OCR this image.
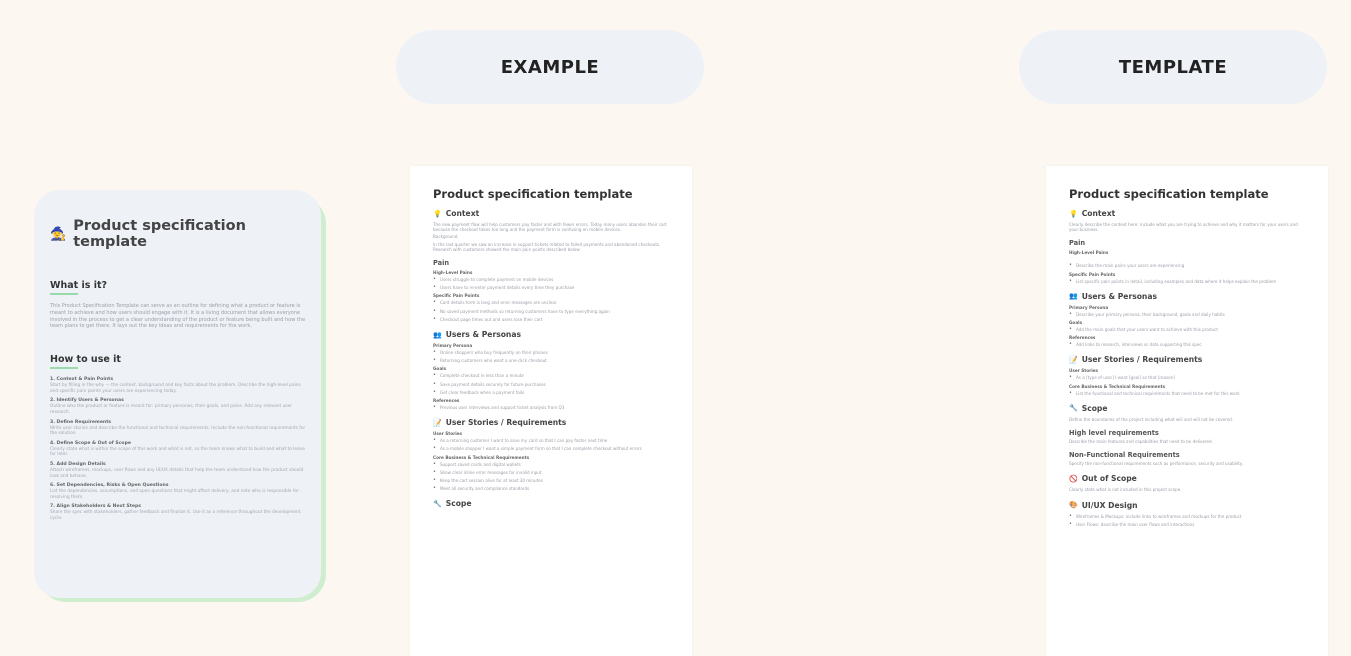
EXAMPLE	TEMPLATE
🧙 Product specification template
What is it?
This Product Specification Template can serve as an outline for defining what a product or feature is meant to achieve and how users should engage with it. It is a living document that allows everyone involved in the process to get a clear understanding of the product or feature being built and how the team plans to get there. It lays out the key ideas and requirements for the work.
How to use it
1. Context & Pain Points
Start by filling in the why — the context, background and key facts about the problem. Describe the high-level pains and specific pain points your users are experiencing today.
2. Identify Users & Personas
Outline who the product or feature is meant for: primary personas, their goals, and pains. Add any relevant user research.
3. Define Requirements
Write user stories and describe the functional and technical requirements. Include the non-functional requirements for the solution.
4. Define Scope & Out of Scope
Clearly state what is within the scope of this work and what is not, so the team knows what to build and what to leave for later.
5. Add Design Details
Attach wireframes, mockups, user flows and any UI/UX details that help the team understand how the product should look and behave.
6. Set Dependencies, Risks & Open Questions
List the dependencies, assumptions, and open questions that might affect delivery, and note who is responsible for resolving them.
7. Align Stakeholders & Next Steps
Share the spec with stakeholders, gather feedback and finalize it. Use it as a reference throughout the development cycle.
Product specification template
💡 Context
The new payment flow will help customers pay faster and with fewer errors. Today many users abandon their cart because the checkout takes too long and the payment form is confusing on mobile devices.
Background
In the last quarter we saw an increase in support tickets related to failed payments and abandoned checkouts. Research with customers showed the main pain points described below.
Pain
High-Level Pains
• Users struggle to complete payment on mobile devices
• Users have to re-enter payment details every time they purchase
Specific Pain Points
• Card details form is long and error messages are unclear
• No saved payment methods so returning customers have to type everything again
• Checkout page times out and users lose their cart
👥 Users & Personas
Primary Persona
• Online shoppers who buy frequently on their phones
• Returning customers who want a one-click checkout
Goals
• Complete checkout in less than a minute
• Save payment details securely for future purchases
• Get clear feedback when a payment fails
References
• Previous user interviews and support ticket analysis from Q3
📝 User Stories / Requirements
User Stories
• As a returning customer I want to save my card so that I can pay faster next time
• As a mobile shopper I want a simple payment form so that I can complete checkout without errors
Core Business & Technical Requirements
• Support saved cards and digital wallets
• Show clear inline error messages for invalid input
• Keep the cart session alive for at least 30 minutes
• Meet all security and compliance standards
🔧 Scope
Product specification template
💡 Context
Clearly describe the context here: include what you are trying to achieve and why it matters for your users and your business.
Pain
High-Level Pains
• Describe the main pains your users are experiencing
Specific Pain Points
• List specific pain points in detail, including examples and data where it helps explain the problem
👥 Users & Personas
Primary Persona
• Describe your primary persona, their background, goals and daily habits
Goals
• Add the main goals that your users want to achieve with this product
References
• Add links to research, interviews or data supporting this spec
📝 User Stories / Requirements
User Stories
• As a [type of user] I want [goal] so that [reason]
Core Business & Technical Requirements
• List the functional and technical requirements that need to be met for this work
🔧 Scope
Define the boundaries of the project including what will and will not be covered.
High level requirements
Describe the main features and capabilities that need to be delivered.
Non-Functional Requirements
Specify the non-functional requirements such as performance, security and usability.
🚫 Out of Scope
Clearly state what is not included in this project scope.
🎨 UI/UX Design
• Wireframes & Mockups: include links to wireframes and mockups for the product
• User Flows: describe the main user flows and interactions
